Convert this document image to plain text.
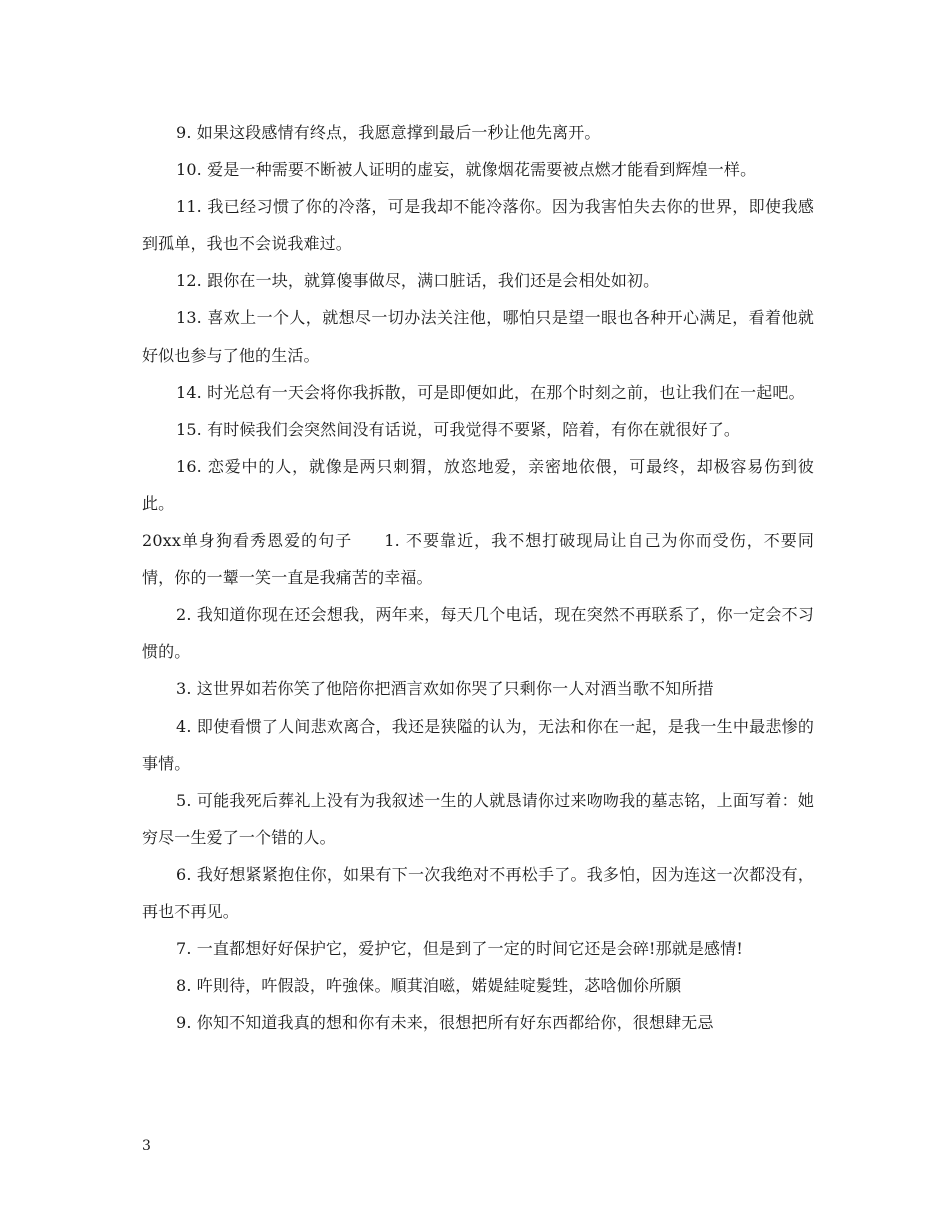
9. 如果这段感情有终点，我愿意撑到最后一秒让他先离开。

10. 爱是一种需要不断被人证明的虚妄，就像烟花需要被点燃才能看到辉煌一样。

11. 我已经习惯了你的冷落，可是我却不能冷落你。因为我害怕失去你的世界，即使我感到孤单，我也不会说我难过。

12. 跟你在一块，就算傻事做尽，满口脏话，我们还是会相处如初。

13. 喜欢上一个人，就想尽一切办法关注他，哪怕只是望一眼也各种开心满足，看着他就好似也参与了他的生活。

14. 时光总有一天会将你我拆散，可是即便如此，在那个时刻之前，也让我们在一起吧。

15. 有时候我们会突然间没有话说，可我觉得不要紧，陪着，有你在就很好了。

16. 恋爱中的人，就像是两只刺猬，放恣地爱，亲密地依偎，可最终，却极容易伤到彼此。

20xx单身狗看秀恩爱的句子 1. 不要靠近，我不想打破现局让自己为你而受伤，不要同情，你的一颦一笑一直是我痛苦的幸福。

2. 我知道你现在还会想我，两年来，每天几个电话，现在突然不再联系了，你一定会不习惯的。

3. 这世界如若你笑了他陪你把酒言欢如你哭了只剩你一人对酒当歌不知所措

4. 即使看惯了人间悲欢离合，我还是狭隘的认为，无法和你在一起，是我一生中最悲惨的事情。

5. 可能我死后葬礼上没有为我叙述一生的人就恳请你过来吻吻我的墓志铭，上面写着：她穷尽一生爱了一个错的人。

6. 我好想紧紧抱住你，如果有下一次我绝对不再松手了。我多怕，因为连这一次都没有，再也不再见。

7. 一直都想好好保护它，爱护它，但是到了一定的时间它还是会碎!那就是感情!

8. 吘則待，吘假設，吘強俫。順萁洎嗞，婼媞絓啶髮甡，苾唅伽伱所願

9. 你知不知道我真的想和你有未来，很想把所有好东西都给你，很想肆无忌

3
